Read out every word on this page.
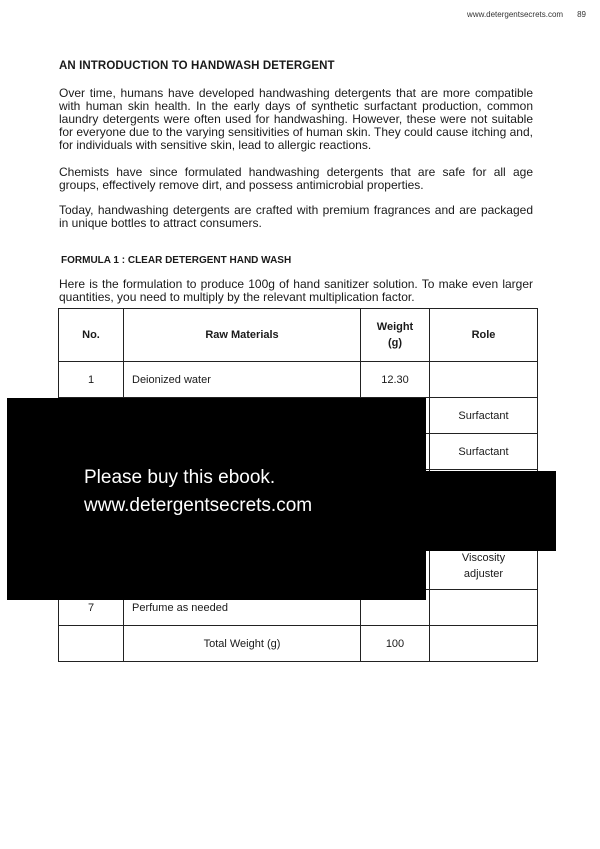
www.detergentsecrets.com 89
AN INTRODUCTION TO HANDWASH DETERGENT

Over time, humans have developed handwashing detergents that are more compatible with human skin health. In the early days of synthetic surfactant production, common laundry detergents were often used for handwashing. However, these were not suitable for everyone due to the varying sensitivities of human skin. They could cause itching and, for individuals with sensitive skin, lead to allergic reactions.

Chemists have since formulated handwashing detergents that are safe for all age groups, effectively remove dirt, and possess antimicrobial properties.

Today, handwashing detergents are crafted with premium fragrances and are packaged in unique bottles to attract consumers.

FORMULA 1 : CLEAR DETERGENT HAND WASH

Here is the formulation to produce 100g of hand sanitizer solution. To make even larger quantities, you need to multiply by the relevant multiplication factor.

No.	Raw Materials	Weight (g)	Role
1	Deionized water	12.30	
			Surfactant
			Surfactant

			Viscosity adjuster
7	Perfume as needed		
	Total Weight (g)	100	
Please buy this ebook.
www.detergentsecrets.com
